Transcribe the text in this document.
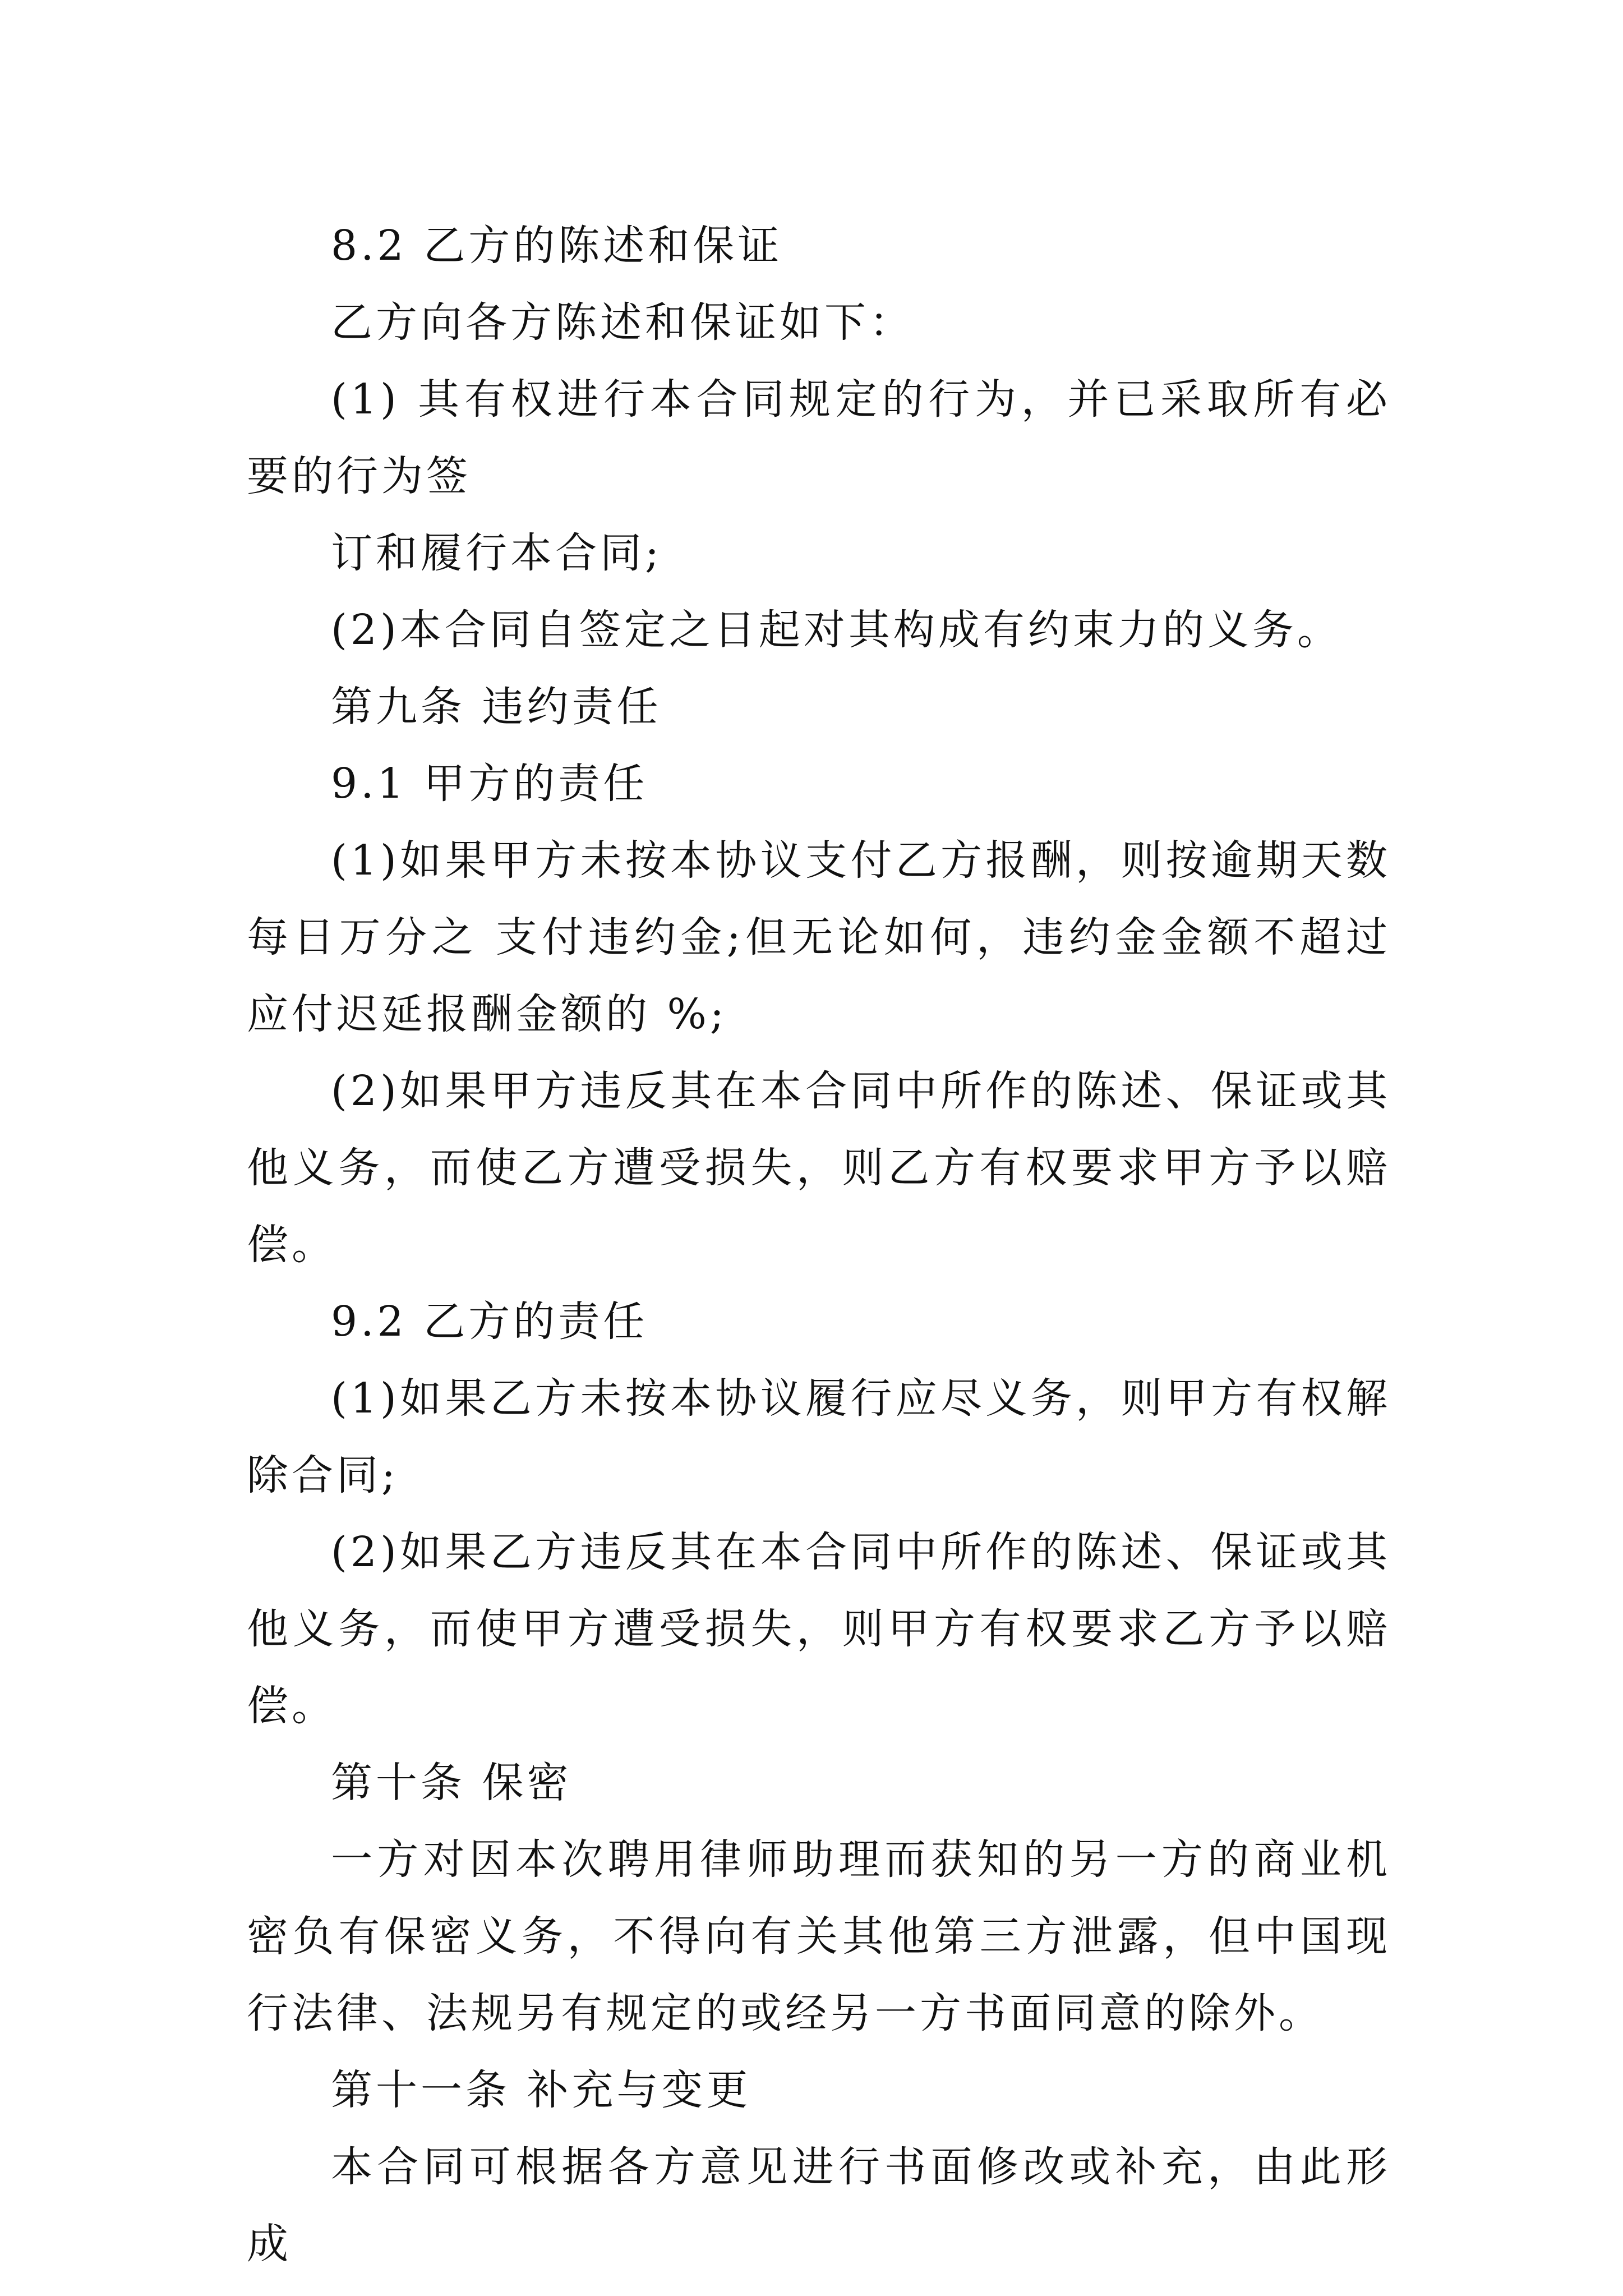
8.2 乙方的陈述和保证

乙方向各方陈述和保证如下：

(1) 其有权进行本合同规定的行为，并已采取所有必要的行为签

订和履行本合同;

(2)本合同自签定之日起对其构成有约束力的义务。

第九条 违约责任

9.1 甲方的责任

(1)如果甲方未按本协议支付乙方报酬，则按逾期天数每日万分之 支付违约金;但无论如何，违约金金额不超过应付迟延报酬金额的 %;

(2)如果甲方违反其在本合同中所作的陈述、保证或其他义务，而使乙方遭受损失，则乙方有权要求甲方予以赔偿。

9.2 乙方的责任

(1)如果乙方未按本协议履行应尽义务，则甲方有权解除合同;

(2)如果乙方违反其在本合同中所作的陈述、保证或其他义务，而使甲方遭受损失，则甲方有权要求乙方予以赔偿。

第十条 保密

一方对因本次聘用律师助理而获知的另一方的商业机密负有保密义务，不得向有关其他第三方泄露，但中国现行法律、法规另有规定的或经另一方书面同意的除外。

第十一条 补充与变更

本合同可根据各方意见进行书面修改或补充，由此形成
